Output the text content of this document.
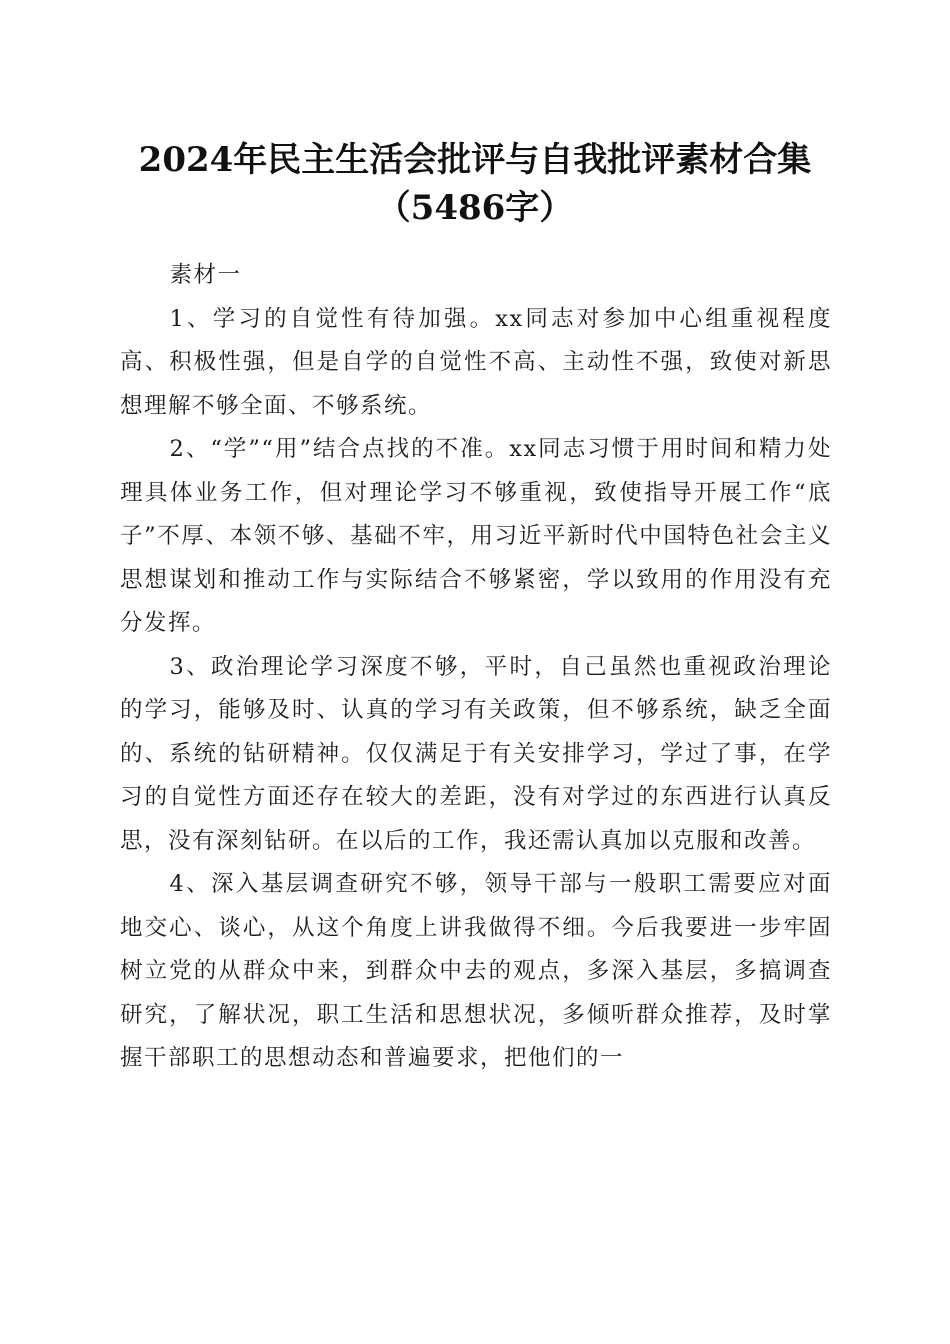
2024年民主生活会批评与自我批评素材合集
（5486字）

素材一

1、学习的自觉性有待加强。xx同志对参加中心组重视程度高、积极性强，但是自学的自觉性不高、主动性不强，致使对新思想理解不够全面、不够系统。

2、“学”“用”结合点找的不准。xx同志习惯于用时间和精力处理具体业务工作，但对理论学习不够重视，致使指导开展工作“底子”不厚、本领不够、基础不牢，用习近平新时代中国特色社会主义思想谋划和推动工作与实际结合不够紧密，学以致用的作用没有充分发挥。

3、政治理论学习深度不够，平时，自己虽然也重视政治理论的学习，能够及时、认真的学习有关政策，但不够系统，缺乏全面的、系统的钻研精神。仅仅满足于有关安排学习，学过了事，在学习的自觉性方面还存在较大的差距，没有对学过的东西进行认真反思，没有深刻钻研。在以后的工作，我还需认真加以克服和改善。

4、深入基层调查研究不够，领导干部与一般职工需要应对面地交心、谈心，从这个角度上讲我做得不细。今后我要进一步牢固树立党的从群众中来，到群众中去的观点，多深入基层，多搞调查研究，了解状况，职工生活和思想状况，多倾听群众推荐，及时掌握干部职工的思想动态和普遍要求，把他们的一
